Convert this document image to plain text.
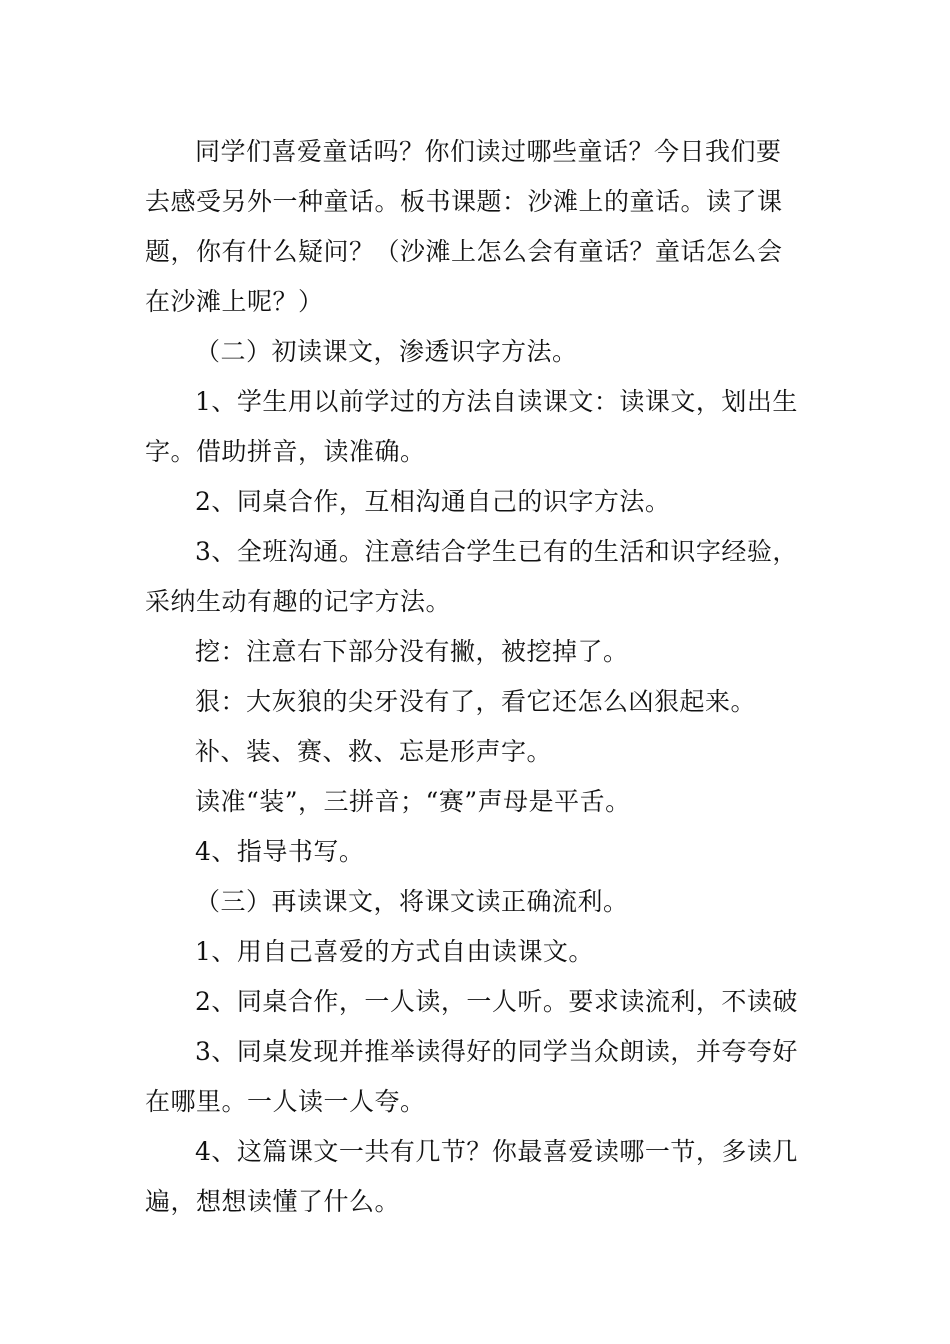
同学们喜爱童话吗？你们读过哪些童话？今日我们要去感受另外一种童话。板书课题：沙滩上的童话。读了课题，你有什么疑问？（沙滩上怎么会有童话？童话怎么会在沙滩上呢？）

（二）初读课文，渗透识字方法。

1、学生用以前学过的方法自读课文：读课文，划出生字。借助拼音，读准确。

2、同桌合作，互相沟通自己的识字方法。

3、全班沟通。注意结合学生已有的生活和识字经验，采纳生动有趣的记字方法。

挖：注意右下部分没有撇，被挖掉了。

狠：大灰狼的尖牙没有了，看它还怎么凶狠起来。

补、装、赛、救、忘是形声字。

读准“装”，三拼音；“赛”声母是平舌。

4、指导书写。

（三）再读课文，将课文读正确流利。

1、用自己喜爱的方式自由读课文。

2、同桌合作，一人读，一人听。要求读流利，不读破

3、同桌发现并推举读得好的同学当众朗读，并夸夸好在哪里。一人读一人夸。

4、这篇课文一共有几节？你最喜爱读哪一节，多读几遍，想想读懂了什么。
